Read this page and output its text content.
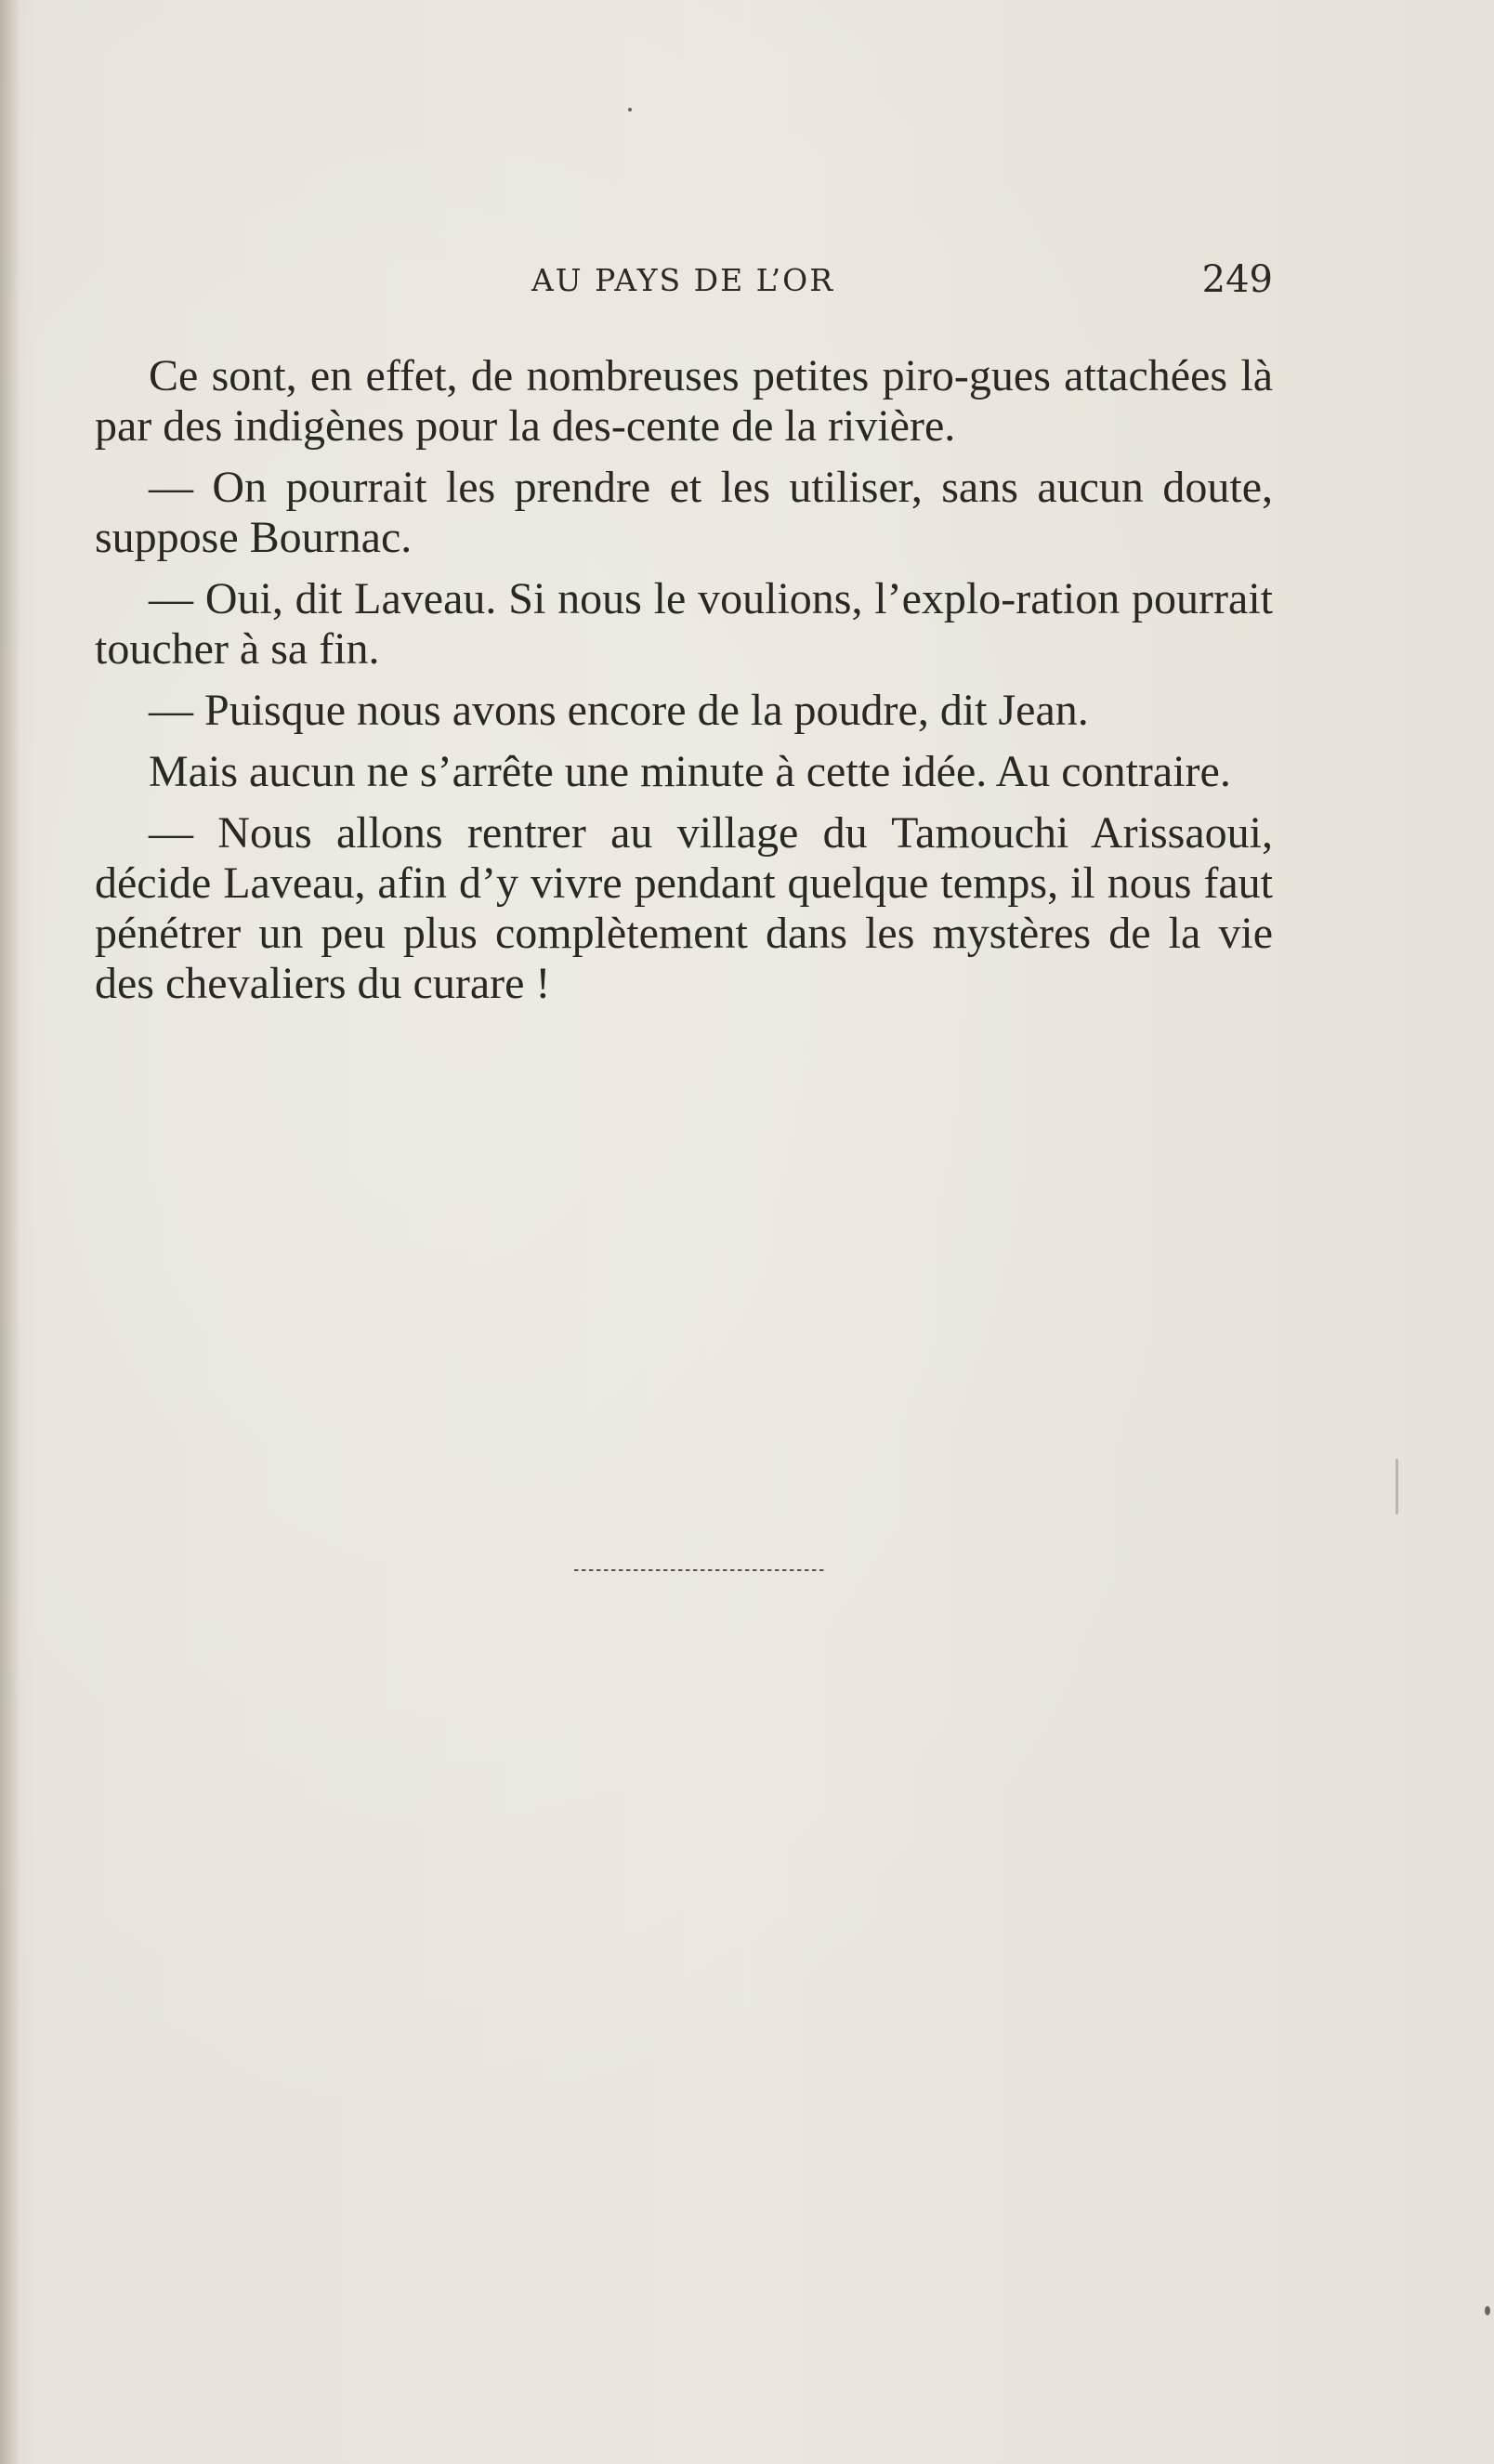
AU PAYS DE L’OR	249

Ce sont, en effet, de nombreuses petites piro-gues attachées là par des indigènes pour la des-cente de la rivière.

— On pourrait les prendre et les utiliser, sans aucun doute, suppose Bournac.

— Oui, dit Laveau. Si nous le voulions, l’explo-ration pourrait toucher à sa fin.

— Puisque nous avons encore de la poudre, dit Jean.

Mais aucun ne s’arrête une minute à cette idée. Au contraire.

— Nous allons rentrer au village du Tamouchi Arissaoui, décide Laveau, afin d’y vivre pendant quelque temps, il nous faut pénétrer un peu plus complètement dans les mystères de la vie des chevaliers du curare !
